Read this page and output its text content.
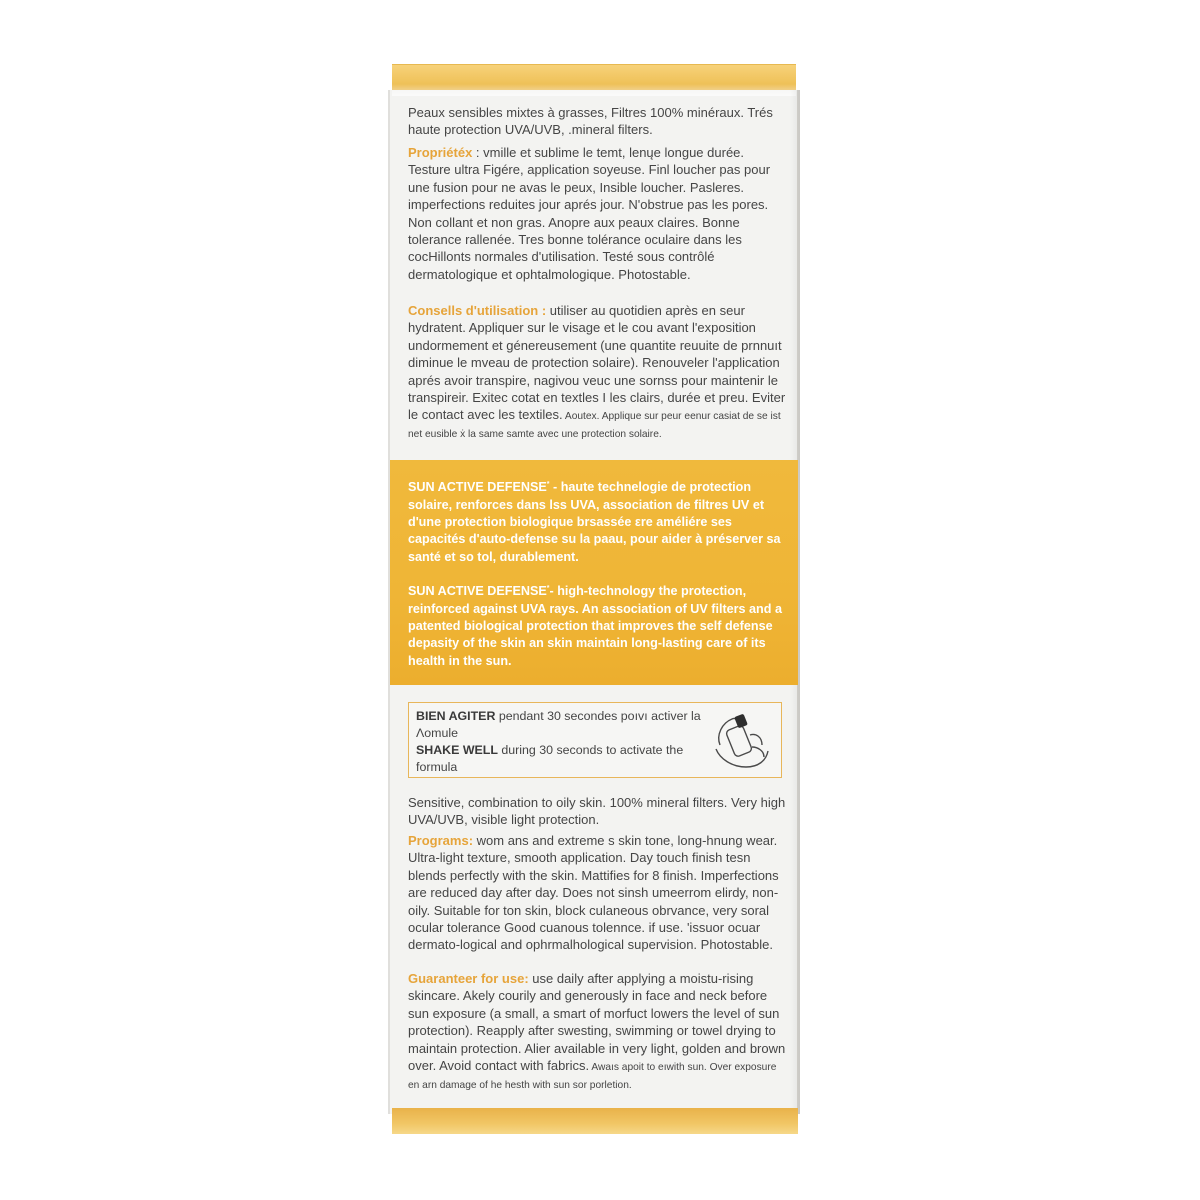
Peaux sensibles mixtes à grasses, Filtres 100% minéraux. Trés haute protection UVA/UVB, .mineral filters.

Propriétéx : vmille et sublime le temt, lenųe longue durée. Testure ultra Figére, application soyeuse. Finl loucher pas pour une fusion pour ne avas le peux, Insible loucher. Pasleres. imperfections reduites jour aprés jour. N'obstrue pas les pores. Non collant et non gras. Anopre aux peaux claires. Bonne tolerance rallenée. Tres bonne tolérance oculaire dans les cocHillonts normales d'utilisation. Testé sous contrôlé dermatologique et ophtalmologique. Photostable.

Consells d'utilisation : utiliser au quotidien après en seur hydratent. Appliquer sur le visage et le cou avant l'exposition undormement et génereusement (une quantite reuuite de prnnuıt diminue le mveau de protection solaire). Renouveler l'application aprés avoir transpire, nagivou veuc une sornss pour maintenir le transpireir. Exitec cotat en textles I les clairs, durée et preu. Eviter le contact avec les textiles. Aoutex. Applique sur peur eenur casiat de se ist net eusible ẋ la same samte avec une protection solaire.

SUN ACTIVE DEFENSE* - haute technelogie de protection solaire, renforces dans lss UVA, association de filtres UV et d'une protection biologique brsassée εre améliére ses capacités d'auto-defense su la paau, pour aider à préserver sa santé et so tol, durablement.

SUN ACTIVE DEFENSE*- high-technology the protection, reinforced against UVA rays. An association of UV filters and a patented biological protection that improves the self defense depasity of the skin an skin maintain long-lasting care of its health in the sun.

BIEN AGITER pendant 30 secondes poıvı activer la Λomule

SHAKE WELL during 30 seconds to activate the formula

Sensitive, combination to oily skin. 100% mineral filters. Very high UVA/UVB, visible light protection.

Programs: wom ans and extreme s skin tone, long-hnung wear. Ultra-light texture, smooth application. Day touch finish tesn blends perfectly with the skin. Mattifies for 8 finish. Imperfections are reduced day after day. Does not sinsh umeerrom elirdy, non-oily. Suitable for ton skin, block culaneous obrvance, very soral ocular tolerance Good cuanous tolennce. if use. 'issuor ocuar dermato-logical and ophrmalhological supervision. Photostable.

Guaranteer for use: use daily after applying a moistu-rising skincare. Akely courily and generously in face and neck before sun exposure (a small, a smart of morfuct lowers the level of sun protection). Reapply after swesting, swimming or towel drying to maintain protection. Alier available in very light, golden and brown over. Avoid contact with fabrics. Awaıs apoit to eıwith sun. Over exposure en arn damage of he hesth with sun sor porletion.
